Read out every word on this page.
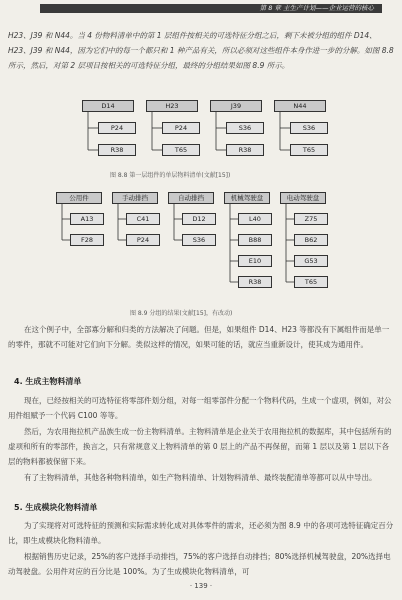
第 8 章 主生产计划——企业运营的核心
H23、J39 和 N44。当 4 份物料清单中的第 1 层组件按相关的可选特征分组之后，剩下未被分组的组件 D14、H23、J39 和 N44，因为它们中的每一个都只和 1 种产品有关，所以必须对这些组件本身作进一步的分解。如图 8.8 所示，然后，对第 2 层项目按相关的可选特征分组，最终的分组结果如图 8.9 所示。
D14
P24
R38
H23
P24
T65
J39
S36
R38
N44
S36
T65
图 8.8 第一层组件的单层物料清单(文献[15])
公用件
A13
F28
手动排挡
C41
P24
自动排挡
D12
S36
机械驾驶盘
L40
B88
E10
R38
电动驾驶盘
Z75
B62
G53
T65
图 8.9 分组的结果(文献[15]，有改动)
在这个例子中，全部寡分解和归类的方法解决了问题。但是，如果组件 D14、H23 等都没有下属组件而是单一的零件，那就不可能对它们向下分解。类似这样的情况，如果可能的话，就应当重新设计，使其成为通用件。
4. 生成主物料清单
现在，已经按相关的可选特征将零部件划分组，对每一组零部件分配一个物料代码，生成一个虚项，例如，对公用件组赋予一个代码 C100 等等。
然后，为农用拖拉机产品族生成一份主物料清单。主物料清单是企业关于农用拖拉机的数据库，其中包括所有的虚项和所有的零部件，换言之，只有常规意义上物料清单的第 0 层上的产品不再保留，而第 1 层以及第 1 层以下各层的物料都被保留下来。
有了主物料清单，其他各种物料清单，如生产物料清单、计划物料清单、最终装配清单等都可以从中导出。
5. 生成模块化物料清单
为了实现将对可选特征的预测和实际需求转化成对具体零件的需求，还必须为图 8.9 中的各项可选特征确定百分比，即生成模块化物料清单。
根据销售历史记录，25%的客户选择手动排挡，75%的客户选择自动排挡；80%选择机械驾驶盘，20%选择电动驾驶盘。公用件对应的百分比是 100%。为了生成模块化物料清单，可
· 139 ·
